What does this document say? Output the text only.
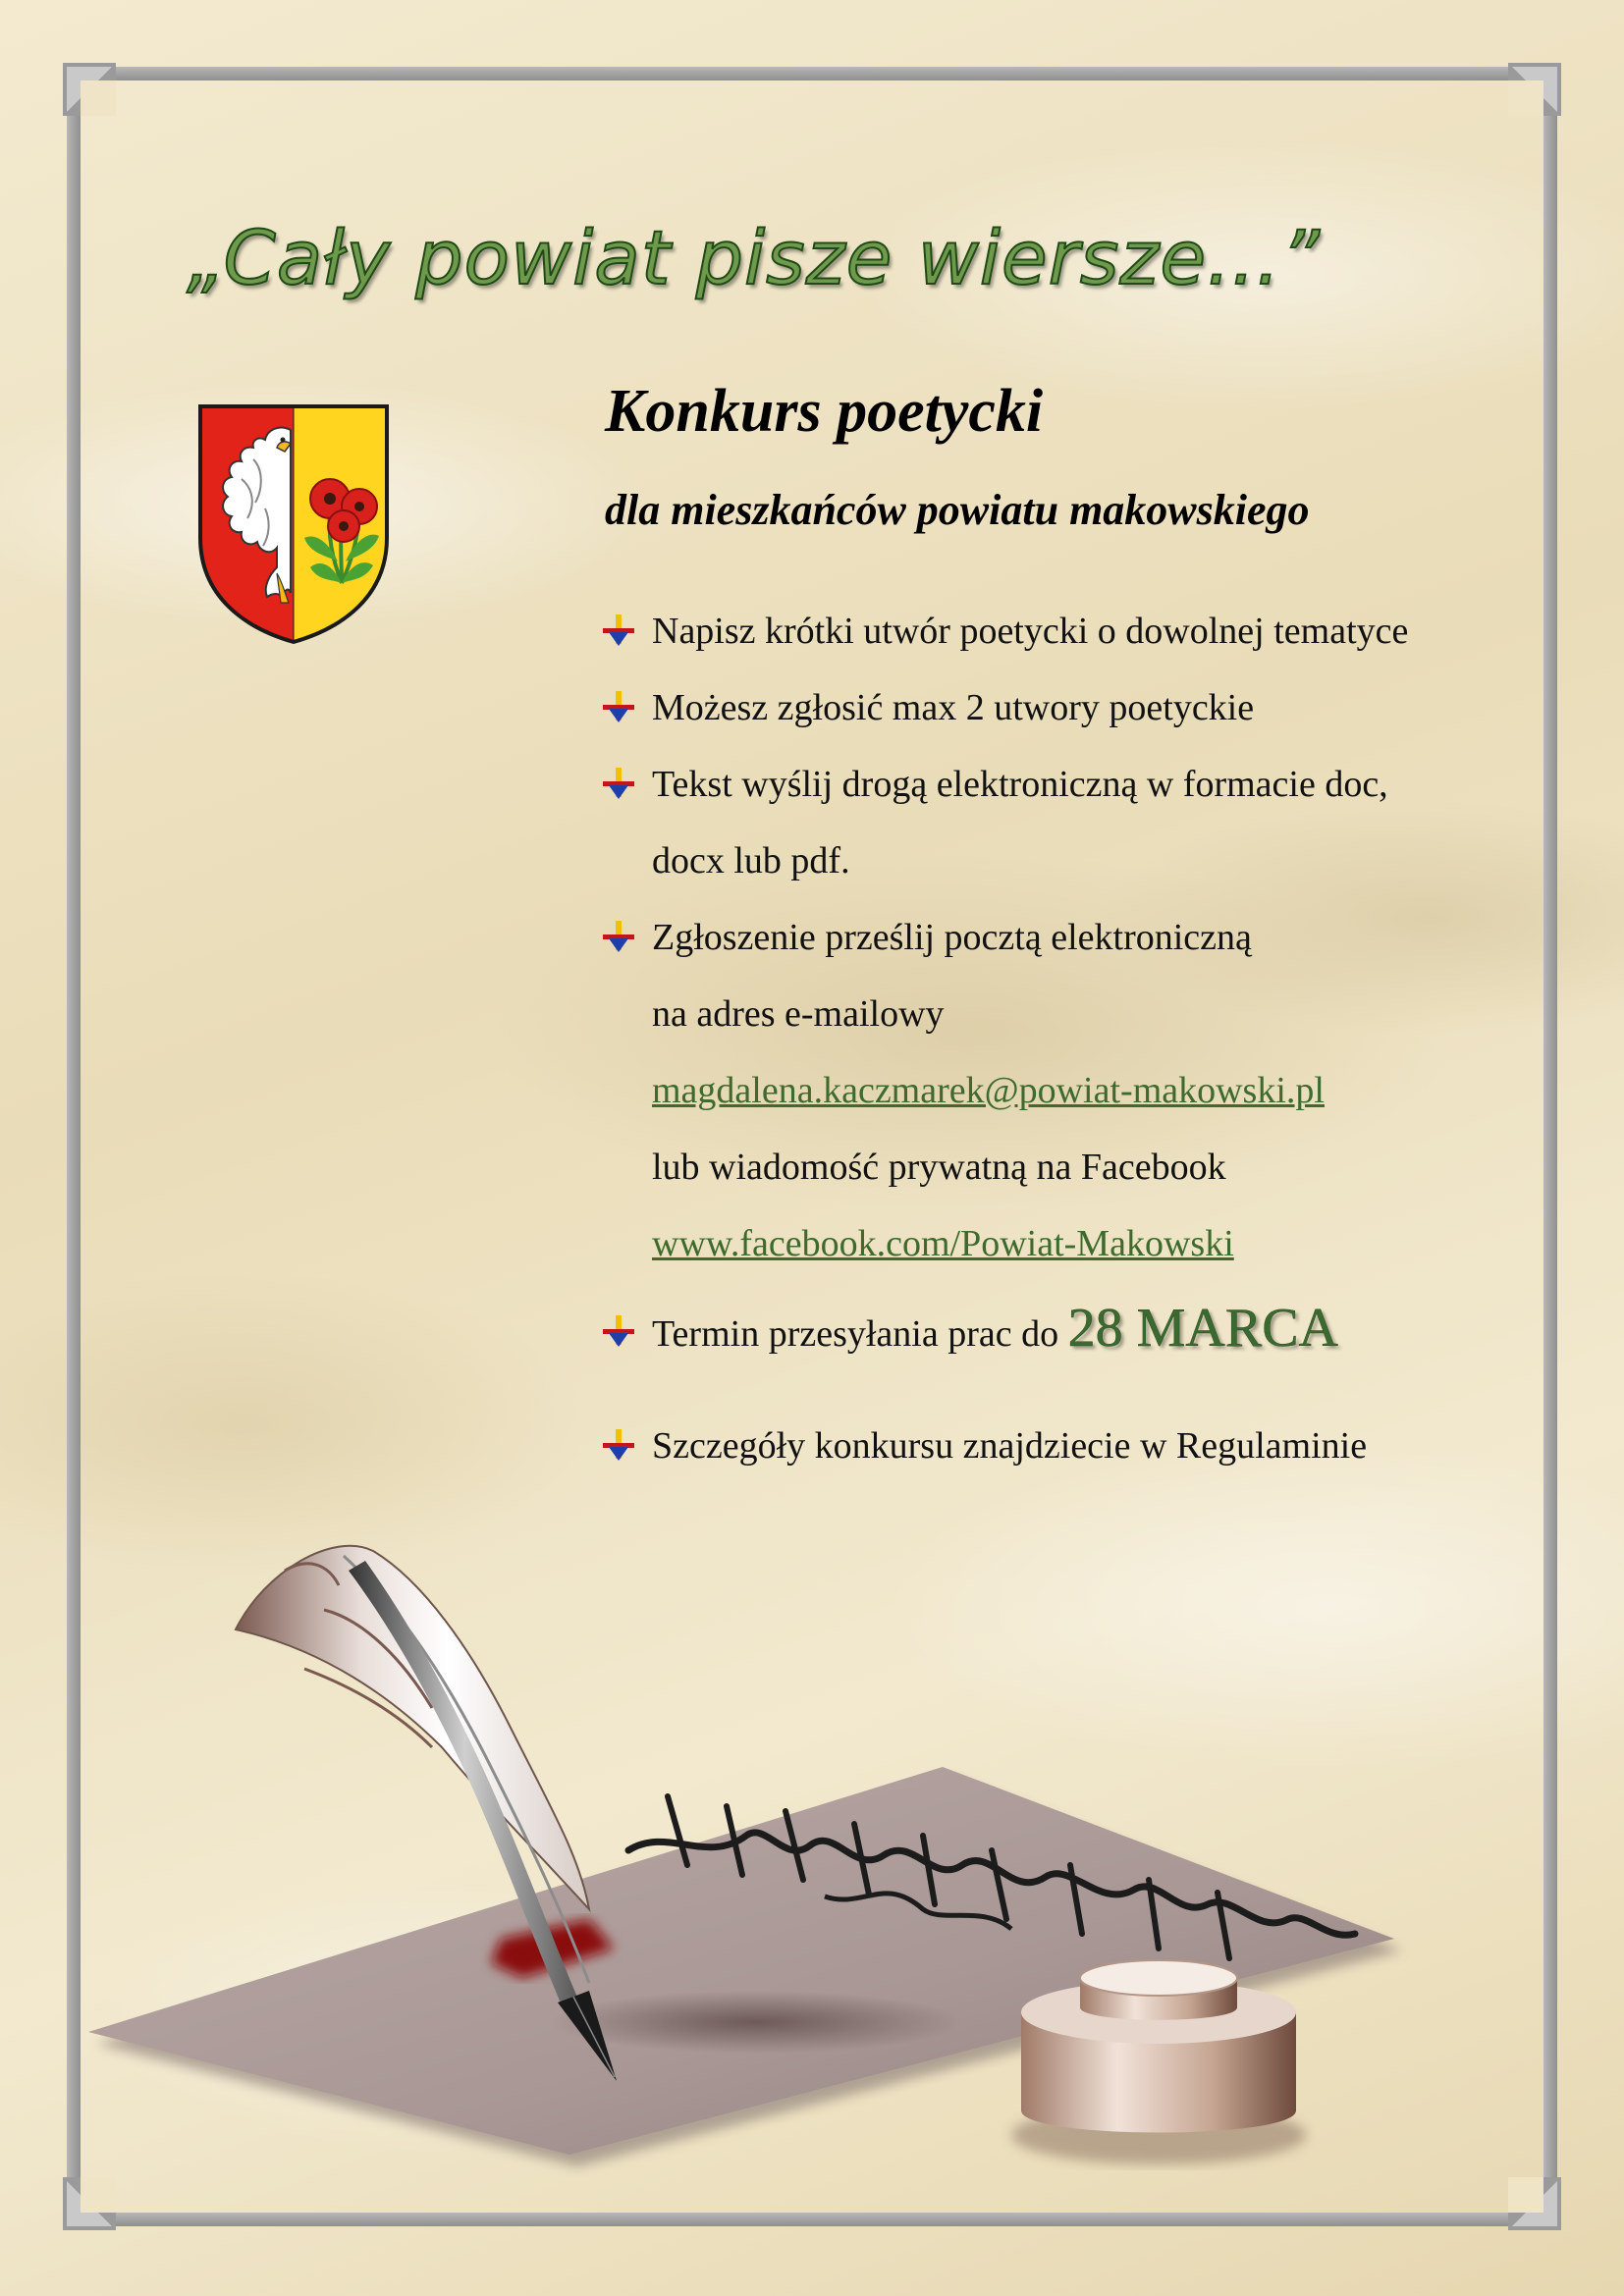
„Cały powiat pisze wiersze...”
Konkurs poetycki
dla mieszkańców powiatu makowskiego
Napisz krótki utwór poetycki o dowolnej tematyce
Możesz zgłosić max 2 utwory poetyckie
Tekst wyślij drogą elektroniczną w formacie doc,
docx lub pdf.
Zgłoszenie prześlij pocztą elektroniczną
na adres e-mailowy
magdalena.kaczmarek@powiat-makowski.pl
lub wiadomość prywatną na Facebook
www.facebook.com/Powiat-Makowski
Termin przesyłania prac do 28 MARCA
Szczegóły konkursu znajdziecie w Regulaminie
